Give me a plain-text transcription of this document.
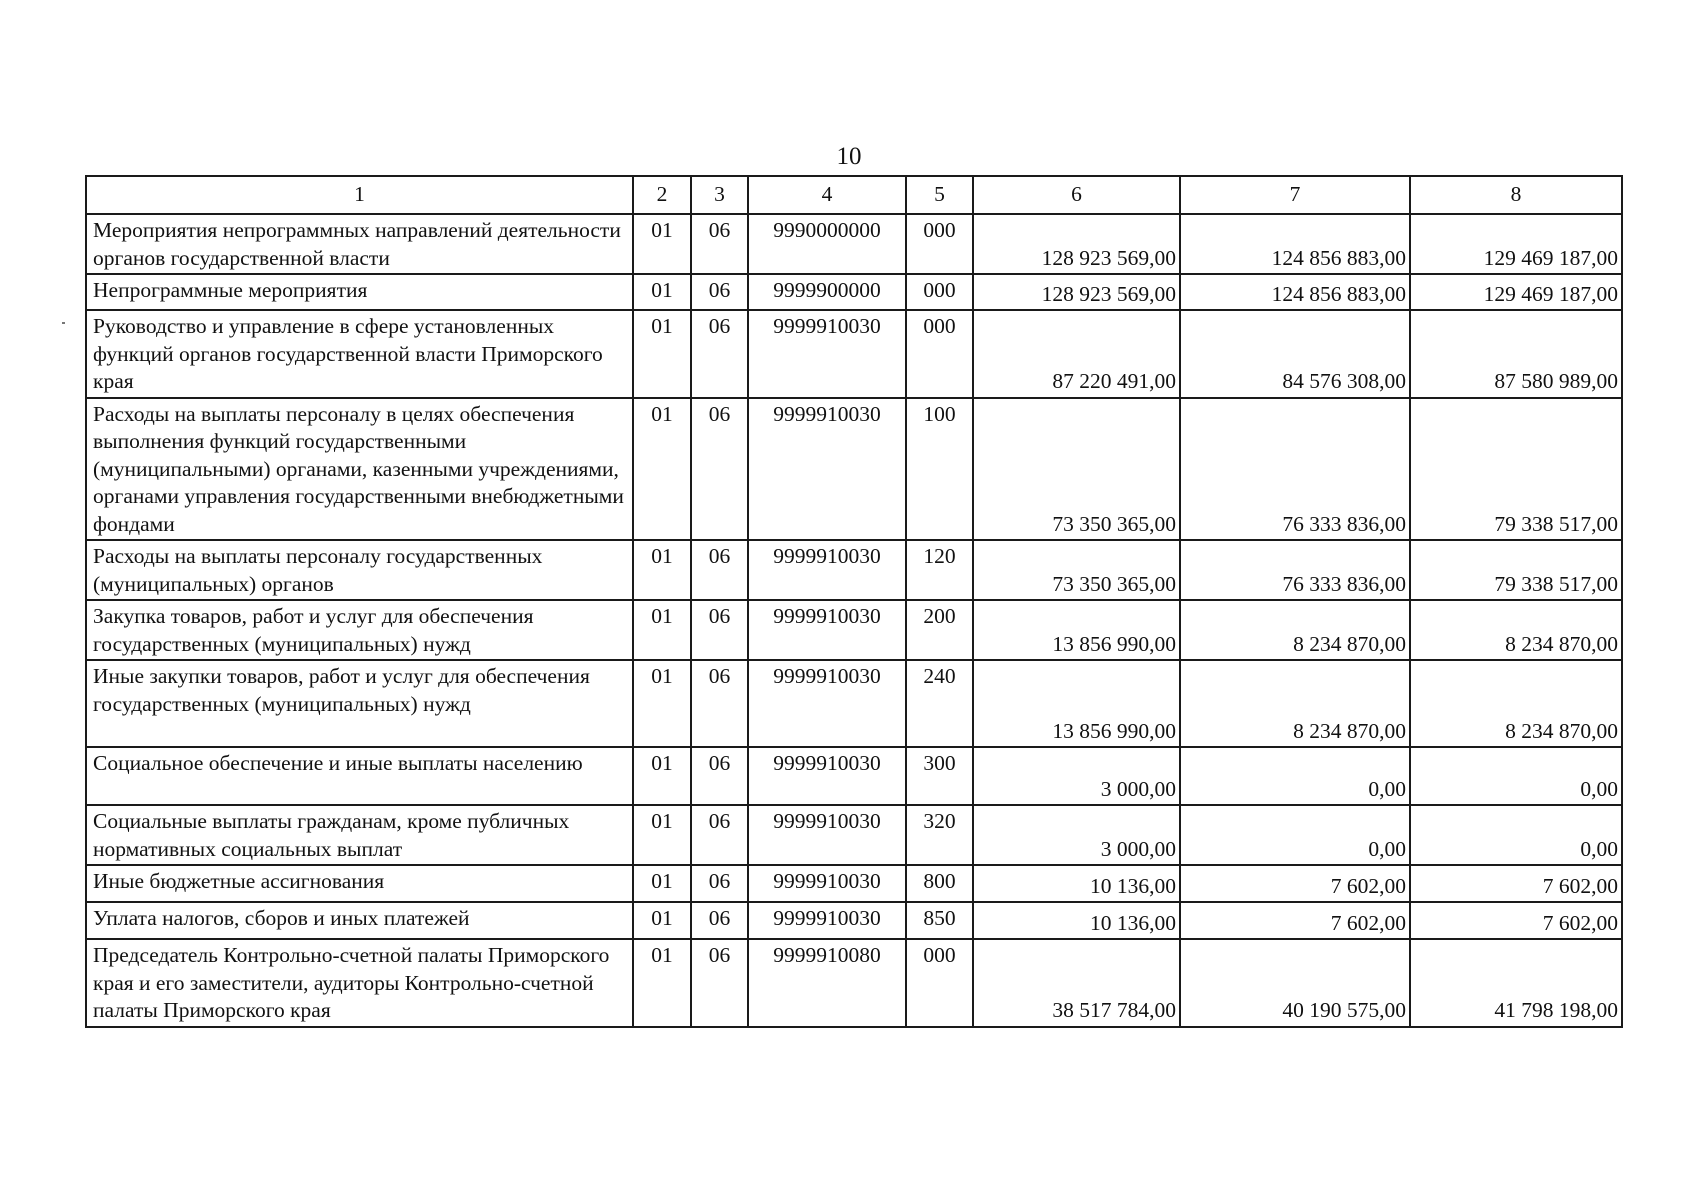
10
1	2	3	4	5	6	7	8
Мероприятия непрограммных направлений деятельности органов государственной власти	01	06	9990000000	000	128 923 569,00	124 856 883,00	129 469 187,00
Непрограммные мероприятия	01	06	9999900000	000	128 923 569,00	124 856 883,00	129 469 187,00
Руководство и управление в сфере установленных функций органов государственной власти Приморского края	01	06	9999910030	000	87 220 491,00	84 576 308,00	87 580 989,00
Расходы на выплаты персоналу в целях обеспечения выполнения функций государственными (муниципальными) органами, казенными учреждениями, органами управления государственными внебюджетными фондами	01	06	9999910030	100	73 350 365,00	76 333 836,00	79 338 517,00
Расходы на выплаты персоналу государственных (муниципальных) органов	01	06	9999910030	120	73 350 365,00	76 333 836,00	79 338 517,00
Закупка товаров, работ и услуг для обеспечения государственных (муниципальных) нужд	01	06	9999910030	200	13 856 990,00	8 234 870,00	8 234 870,00
Иные закупки товаров, работ и услуг для обеспечения государственных (муниципальных) нужд	01	06	9999910030	240	13 856 990,00	8 234 870,00	8 234 870,00
Социальное обеспечение и иные выплаты населению	01	06	9999910030	300	3 000,00	0,00	0,00
Социальные выплаты гражданам, кроме публичных нормативных социальных выплат	01	06	9999910030	320	3 000,00	0,00	0,00
Иные бюджетные ассигнования	01	06	9999910030	800	10 136,00	7 602,00	7 602,00
Уплата налогов, сборов и иных платежей	01	06	9999910030	850	10 136,00	7 602,00	7 602,00
Председатель Контрольно-счетной палаты Приморского края и его заместители, аудиторы Контрольно-счетной палаты Приморского края	01	06	9999910080	000	38 517 784,00	40 190 575,00	41 798 198,00
